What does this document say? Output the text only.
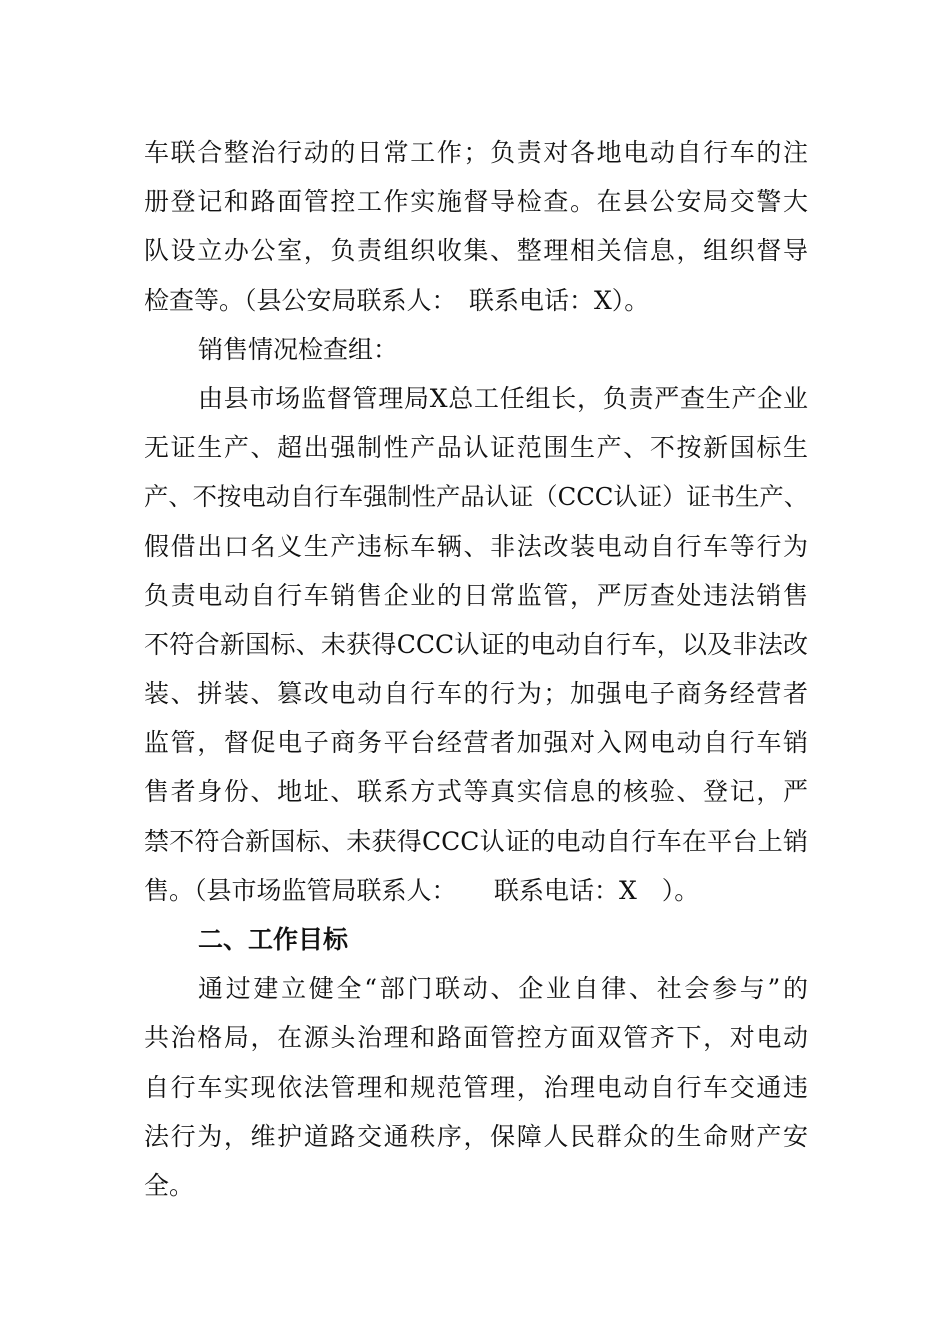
车联合整治行动的日常工作；负责对各地电动自行车的注
册登记和路面管控工作实施督导检查。在县公安局交警大
队设立办公室，负责组织收集、整理相关信息，组织督导
检查等。（县公安局联系人：　联系电话：X）。
销售情况检查组：
由县市场监督管理局X总工任组长，负责严查生产企业
无证生产、超出强制性产品认证范围生产、不按新国标生
产、不按电动自行车强制性产品认证（CCC认证）证书生产、
假借出口名义生产违标车辆、非法改装电动自行车等行为
负责电动自行车销售企业的日常监管，严厉查处违法销售
不符合新国标、未获得CCC认证的电动自行车，以及非法改
装、拼装、篡改电动自行车的行为；加强电子商务经营者
监管，督促电子商务平台经营者加强对入网电动自行车销
售者身份、地址、联系方式等真实信息的核验、登记，严
禁不符合新国标、未获得CCC认证的电动自行车在平台上销
售。（县市场监管局联系人：　　联系电话：X　）。
二、工作目标
通过建立健全“部门联动、企业自律、社会参与”的
共治格局，在源头治理和路面管控方面双管齐下，对电动
自行车实现依法管理和规范管理，治理电动自行车交通违
法行为，维护道路交通秩序，保障人民群众的生命财产安
全。
